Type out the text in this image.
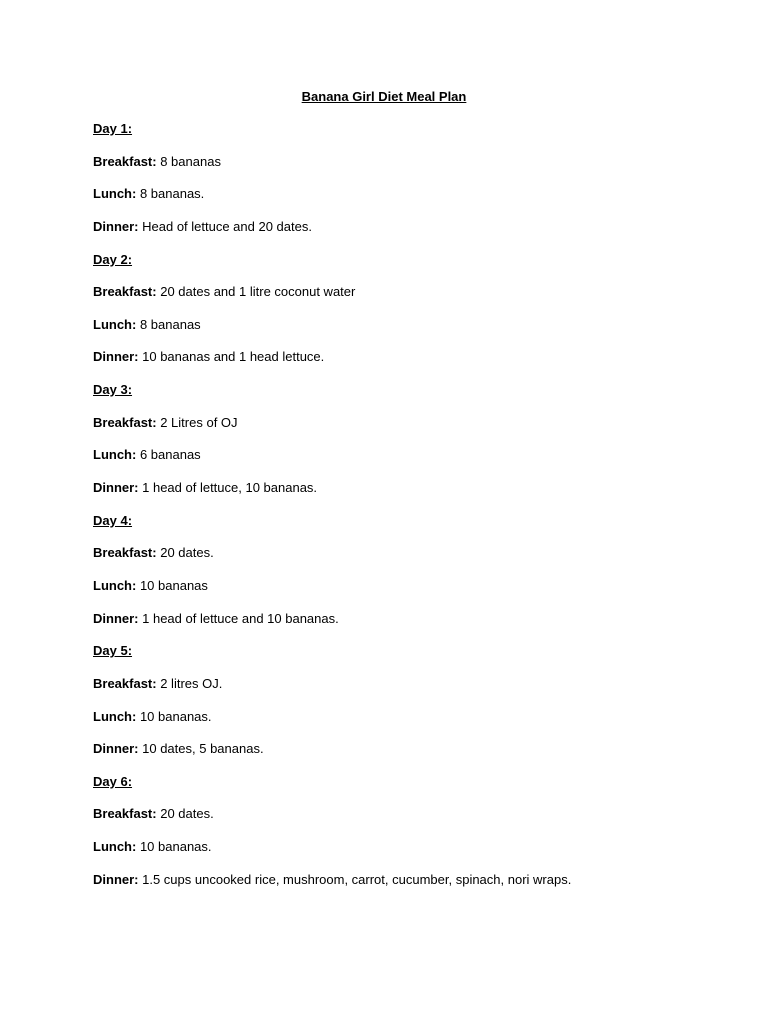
Banana Girl Diet Meal Plan
Day 1:
Breakfast: 8 bananas
Lunch: 8 bananas.
Dinner: Head of lettuce and 20 dates.
Day 2:
Breakfast: 20 dates and 1 litre coconut water
Lunch: 8 bananas
Dinner: 10 bananas and 1 head lettuce.
Day 3:
Breakfast: 2 Litres of OJ
Lunch: 6 bananas
Dinner: 1 head of lettuce, 10 bananas.
Day 4:
Breakfast: 20 dates.
Lunch: 10 bananas
Dinner: 1 head of lettuce and 10 bananas.
Day 5:
Breakfast: 2 litres OJ.
Lunch: 10 bananas.
Dinner: 10 dates, 5 bananas.
Day 6:
Breakfast: 20 dates.
Lunch: 10 bananas.
Dinner: 1.5 cups uncooked rice, mushroom, carrot, cucumber, spinach, nori wraps.
